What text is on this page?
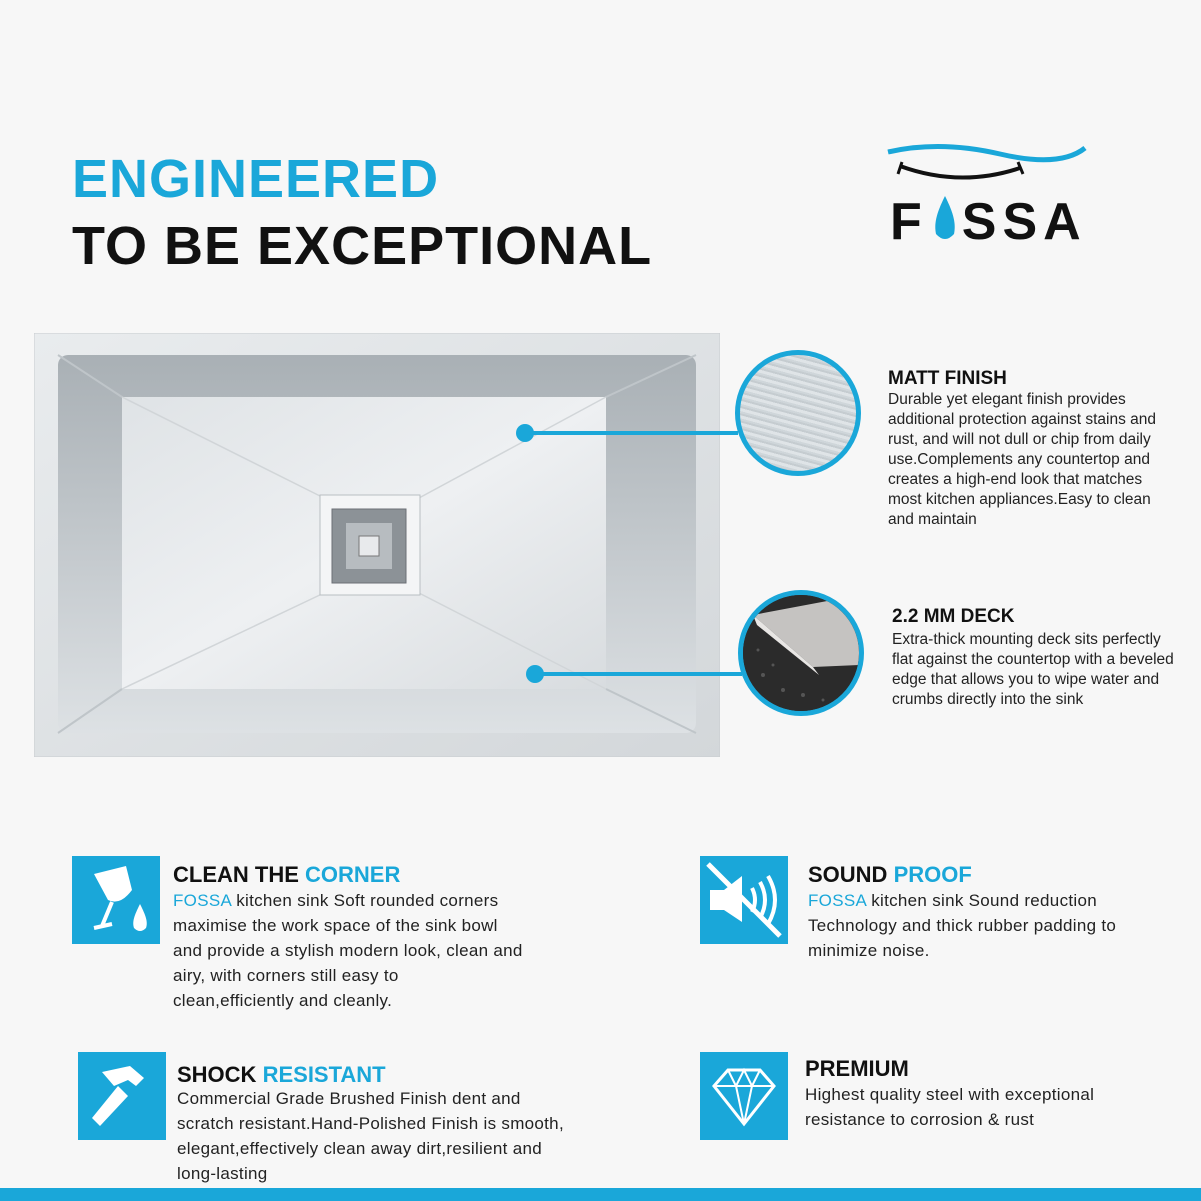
ENGINEERED
TO BE EXCEPTIONAL	F SSA
MATT FINISH
Durable yet elegant finish provides additional protection against stains and rust, and will not dull or chip from daily use.Complements any countertop and creates a high-end look that matches most kitchen appliances.Easy to clean and maintain
2.2 MM DECK
Extra-thick mounting deck sits perfectly flat against the countertop with a beveled edge that allows you to wipe water and crumbs directly into the sink
CLEAN THE CORNER
FOSSA kitchen sink Soft rounded corners maximise the work space of the sink bowl and provide a stylish modern look, clean and airy, with corners still easy to clean,efficiently and cleanly.
SOUND PROOF
FOSSA kitchen sink Sound reduction Technology and thick rubber padding to minimize noise.
SHOCK RESISTANT
Commercial Grade Brushed Finish dent and scratch resistant.Hand-Polished Finish is smooth, elegant,effectively clean away dirt,resilient and long-lasting
PREMIUM
Highest quality steel with exceptional resistance to corrosion & rust
